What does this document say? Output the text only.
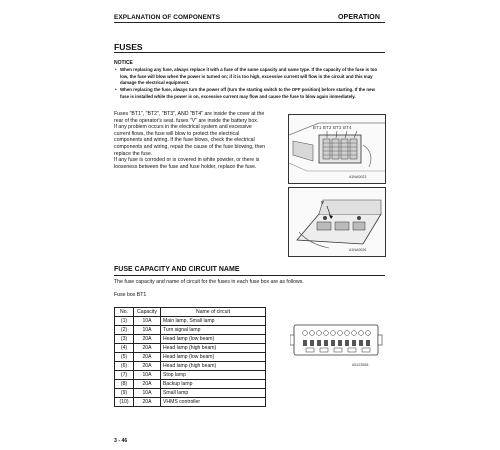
EXPLANATION OF COMPONENTS	OPERATION
FUSES
NOTICE
• When replacing any fuse, always replace it with a fuse of the same capacity and same type. If the capacity of the fuse is too low, the fuse will blow when the power is turned on; if it is too high, excessive current will flow in the circuit and this may damage the electrical equipment.
• When replacing the fuse, always turn the power off (turn the starting switch to the OFF position) before starting. If the new fuse is installed while the power is on, excessive current may flow and cause the fuse to blow again immediately.
Fuses "BT1", "BT2", "BT3", AND "BT4" are inside the cover at the
rear of the operator's seat. fuses "V" are inside the battery box.
If any problem occurs in the electrical system and excessive
current flows, the fuse will blow to protect the electrical
components and wiring. If the fuse blows, check the electrical
components and wiring, repair the cause of the fuse blowing, then
replace the fuse.
If any fuse is corroded or is covered in white powder, or there is
looseness between the fuse and fuse holder, replace the fuse.
BT1 BT2 BT3 BT4
A1NA0023
V
A1NA0026
FUSE CAPACITY AND CIRCUIT NAME
The fuse capacity and name of circuit for the fuses in each fuse box are as follows.
Fuse box BT1
No.	Capacity	Name of circuit
(1)	10A	Main lamp, Small lamp
(2)	10A	Turn signal lamp
(3)	20A	Head lamp (low beam)
(4)	20A	Head lamp (high beam)
(5)	20A	Head lamp (low beam)
(6)	20A	Head lamp (high beam)
(7)	10A	Stop lamp
(8)	20A	Backup lamp
(9)	10A	Small lamp
(10)	20A	VHMS controller
A5123558
3 - 46
